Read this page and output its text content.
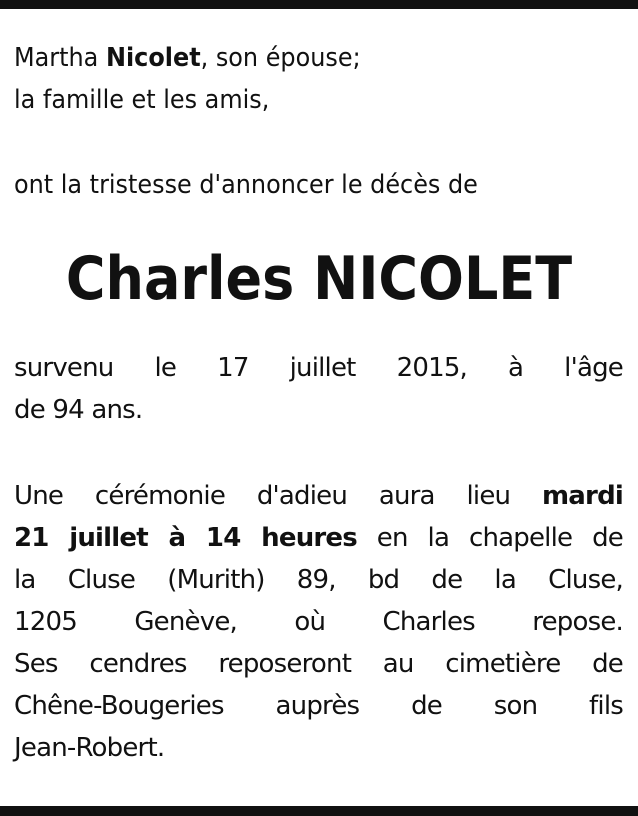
Martha Nicolet, son épouse;
la famille et les amis,
ont la tristesse d'annoncer le décès de
Charles NICOLET
survenu le 17 juillet 2015, à l'âge
de 94 ans.
Une cérémonie d'adieu aura lieu mardi
21 juillet à 14 heures en la chapelle de
la Cluse (Murith) 89, bd de la Cluse,
1205 Genève, où Charles repose.
Ses cendres reposeront au cimetière de
Chêne-Bougeries auprès de son fils
Jean-Robert.
